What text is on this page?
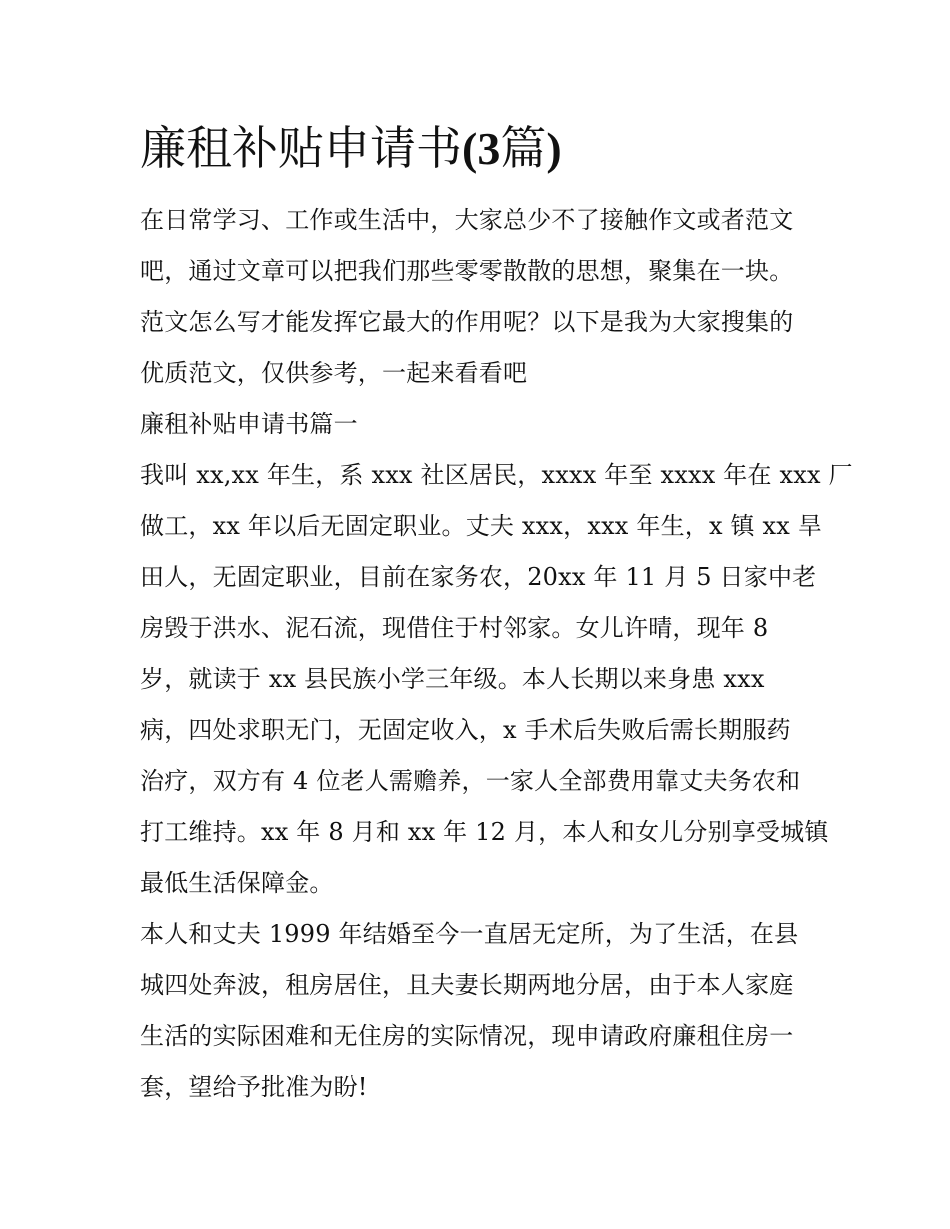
廉租补贴申请书(3篇)
在日常学习、工作或生活中，大家总少不了接触作文或者范文
吧，通过文章可以把我们那些零零散散的思想，聚集在一块。
范文怎么写才能发挥它最大的作用呢？以下是我为大家搜集的
优质范文，仅供参考，一起来看看吧
廉租补贴申请书篇一
我叫 xx,xx 年生，系 xxx 社区居民，xxxx 年至 xxxx 年在 xxx 厂
做工，xx 年以后无固定职业。丈夫 xxx，xxx 年生，x 镇 xx 旱
田人，无固定职业，目前在家务农，20xx 年 11 月 5 日家中老
房毁于洪水、泥石流，现借住于村邻家。女儿许晴，现年 8
岁，就读于 xx 县民族小学三年级。本人长期以来身患 xxx
病，四处求职无门，无固定收入，x 手术后失败后需长期服药
治疗，双方有 4 位老人需赡养，一家人全部费用靠丈夫务农和
打工维持。xx 年 8 月和 xx 年 12 月，本人和女儿分别享受城镇
最低生活保障金。
本人和丈夫 1999 年结婚至今一直居无定所，为了生活，在县
城四处奔波，租房居住，且夫妻长期两地分居，由于本人家庭
生活的实际困难和无住房的实际情况，现申请政府廉租住房一
套，望给予批准为盼!
